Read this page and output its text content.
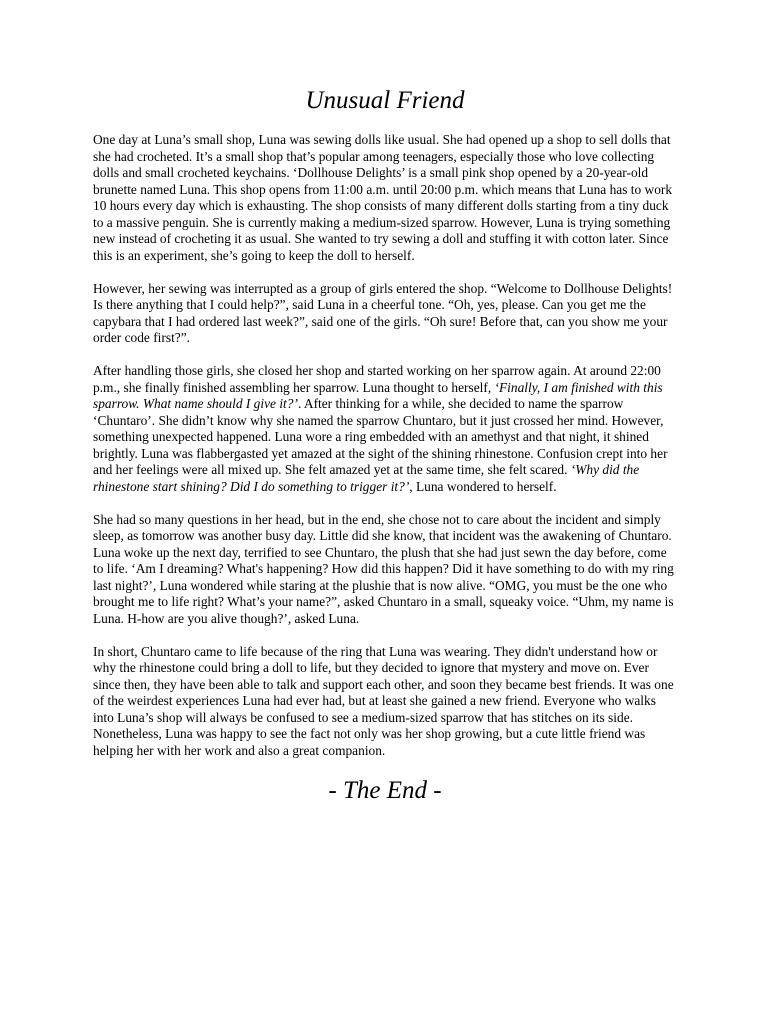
Unusual Friend

One day at Luna’s small shop, Luna was sewing dolls like usual. She had opened up a shop to sell dolls that she had crocheted. It’s a small shop that’s popular among teenagers, especially those who love collecting dolls and small crocheted keychains. ‘Dollhouse Delights’ is a small pink shop opened by a 20-year-old brunette named Luna. This shop opens from 11:00 a.m. until 20:00 p.m. which means that Luna has to work 10 hours every day which is exhausting. The shop consists of many different dolls starting from a tiny duck to a massive penguin. She is currently making a medium-sized sparrow. However, Luna is trying something new instead of crocheting it as usual. She wanted to try sewing a doll and stuffing it with cotton later. Since this is an experiment, she’s going to keep the doll to herself.

However, her sewing was interrupted as a group of girls entered the shop. “Welcome to Dollhouse Delights! Is there anything that I could help?”, said Luna in a cheerful tone. “Oh, yes, please. Can you get me the capybara that I had ordered last week?”, said one of the girls. “Oh sure! Before that, can you show me your order code first?”.

After handling those girls, she closed her shop and started working on her sparrow again. At around 22:00 p.m., she finally finished assembling her sparrow. Luna thought to herself, ‘Finally, I am finished with this sparrow. What name should I give it?’. After thinking for a while, she decided to name the sparrow ‘Chuntaro’. She didn’t know why she named the sparrow Chuntaro, but it just crossed her mind. However, something unexpected happened. Luna wore a ring embedded with an amethyst and that night, it shined brightly. Luna was flabbergasted yet amazed at the sight of the shining rhinestone. Confusion crept into her and her feelings were all mixed up. She felt amazed yet at the same time, she felt scared. ‘Why did the rhinestone start shining? Did I do something to trigger it?’, Luna wondered to herself.

She had so many questions in her head, but in the end, she chose not to care about the incident and simply sleep, as tomorrow was another busy day. Little did she know, that incident was the awakening of Chuntaro. Luna woke up the next day, terrified to see Chuntaro, the plush that she had just sewn the day before, come to life. ‘Am I dreaming? What's happening? How did this happen? Did it have something to do with my ring last night?’, Luna wondered while staring at the plushie that is now alive. “OMG, you must be the one who brought me to life right? What’s your name?”, asked Chuntaro in a small, squeaky voice. “Uhm, my name is Luna. H-how are you alive though?’, asked Luna.

In short, Chuntaro came to life because of the ring that Luna was wearing. They didn't understand how or why the rhinestone could bring a doll to life, but they decided to ignore that mystery and move on. Ever since then, they have been able to talk and support each other, and soon they became best friends. It was one of the weirdest experiences Luna had ever had, but at least she gained a new friend. Everyone who walks into Luna’s shop will always be confused to see a medium-sized sparrow that has stitches on its side. Nonetheless, Luna was happy to see the fact not only was her shop growing, but a cute little friend was helping her with her work and also a great companion.

- The End -
